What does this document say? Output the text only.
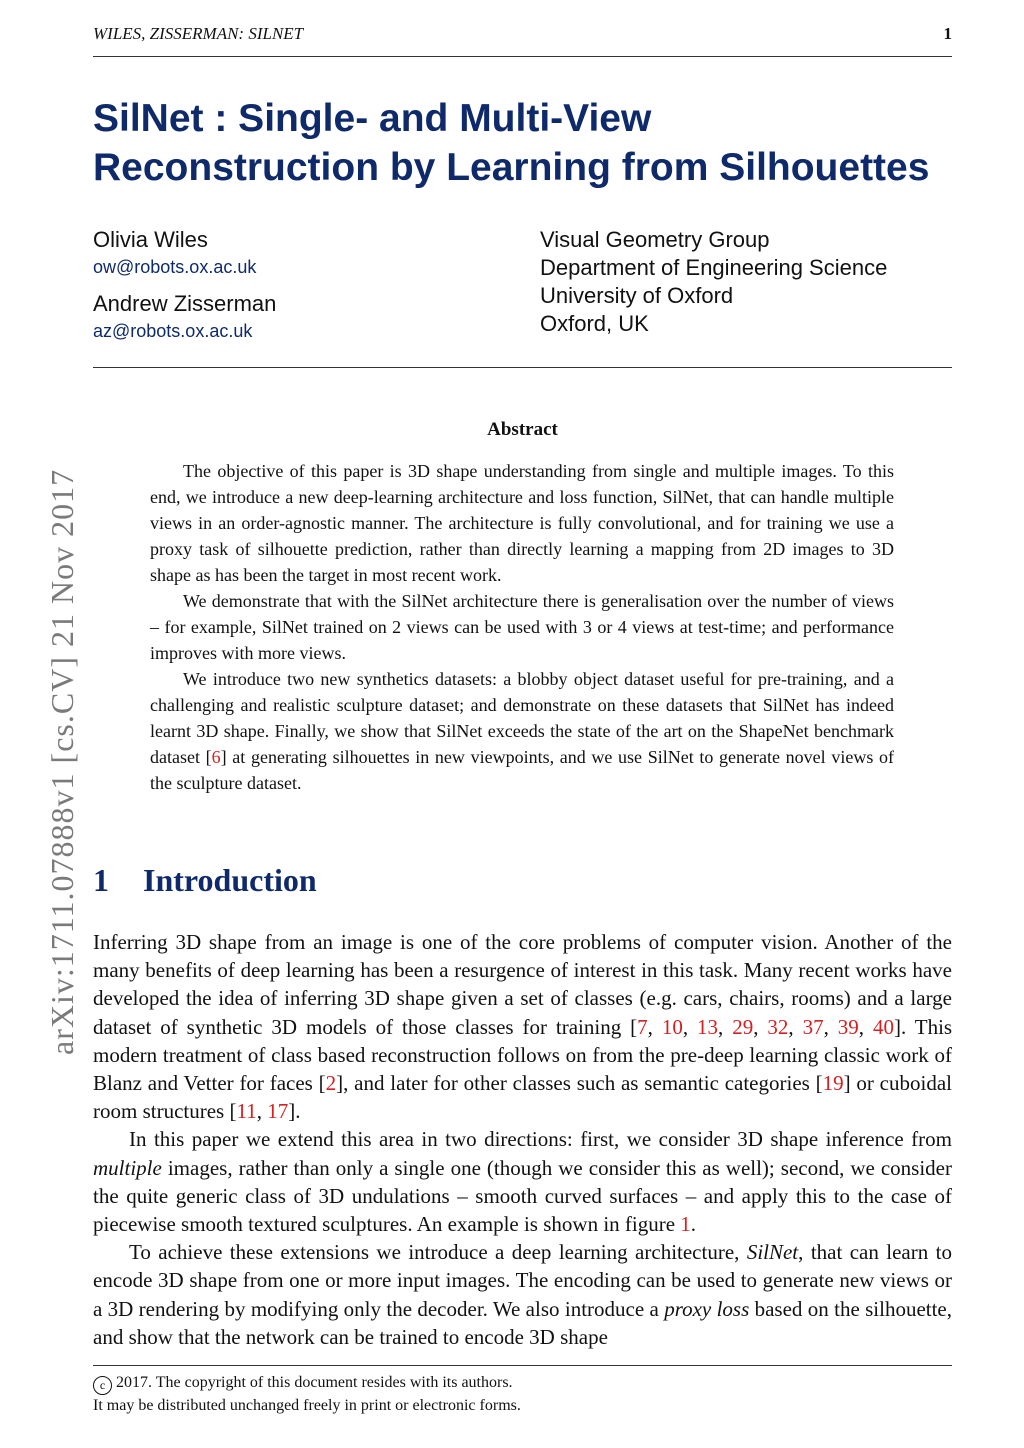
WILES, ZISSERMAN: SILNET	1
SilNet : Single- and Multi-View
Reconstruction by Learning from Silhouettes
Olivia Wiles
ow@robots.ox.ac.uk
Andrew Zisserman
az@robots.ox.ac.uk
Visual Geometry Group
Department of Engineering Science
University of Oxford
Oxford, UK
arXiv:1711.07888v1 [cs.CV] 21 Nov 2017
Abstract

The objective of this paper is 3D shape understanding from single and multiple images. To this end, we introduce a new deep-learning architecture and loss function, SilNet, that can handle multiple views in an order-agnostic manner. The architecture is fully convolutional, and for training we use a proxy task of silhouette prediction, rather than directly learning a mapping from 2D images to 3D shape as has been the target in most recent work.

We demonstrate that with the SilNet architecture there is generalisation over the number of views – for example, SilNet trained on 2 views can be used with 3 or 4 views at test-time; and performance improves with more views.

We introduce two new synthetics datasets: a blobby object dataset useful for pre-training, and a challenging and realistic sculpture dataset; and demonstrate on these datasets that SilNet has indeed learnt 3D shape. Finally, we show that SilNet exceeds the state of the art on the ShapeNet benchmark dataset [6] at generating silhouettes in new viewpoints, and we use SilNet to generate novel views of the sculpture dataset.

1 Introduction

Inferring 3D shape from an image is one of the core problems of computer vision. Another of the many benefits of deep learning has been a resurgence of interest in this task. Many recent works have developed the idea of inferring 3D shape given a set of classes (e.g. cars, chairs, rooms) and a large dataset of synthetic 3D models of those classes for training [7, 10, 13, 29, 32, 37, 39, 40]. This modern treatment of class based reconstruction follows on from the pre-deep learning classic work of Blanz and Vetter for faces [2], and later for other classes such as semantic categories [19] or cuboidal room structures [11, 17].

In this paper we extend this area in two directions: first, we consider 3D shape inference from multiple images, rather than only a single one (though we consider this as well); second, we consider the quite generic class of 3D undulations – smooth curved surfaces – and apply this to the case of piecewise smooth textured sculptures. An example is shown in figure 1.

To achieve these extensions we introduce a deep learning architecture, SilNet, that can learn to encode 3D shape from one or more input images. The encoding can be used to generate new views or a 3D rendering by modifying only the decoder. We also introduce a proxy loss based on the silhouette, and show that the network can be trained to encode 3D shape

c 2017. The copyright of this document resides with its authors.
It may be distributed unchanged freely in print or electronic forms.
